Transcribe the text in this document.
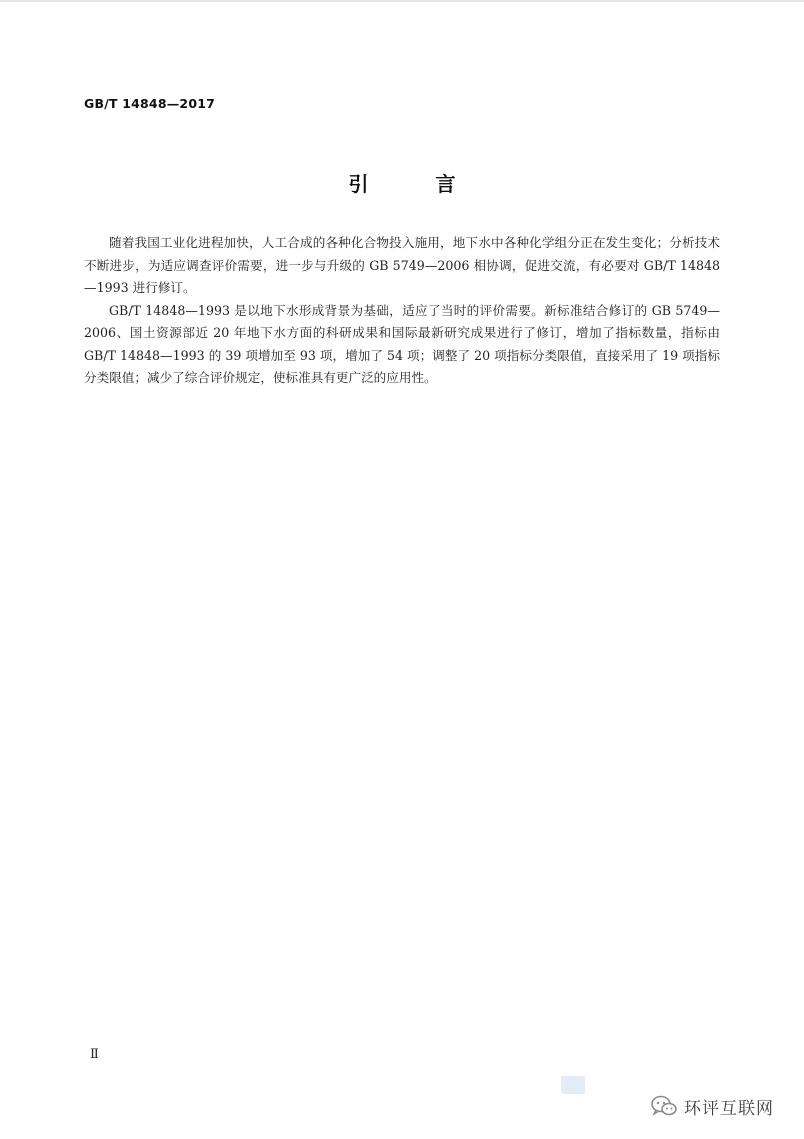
GB/T 14848—2017
引 言

随着我国工业化进程加快，人工合成的各种化合物投入施用，地下水中各种化学组分正在发生变化；分析技术不断进步，为适应调查评价需要，进一步与升级的 GB 5749—2006 相协调，促进交流，有必要对 GB/T 14848—1993 进行修订。

GB/T 14848—1993 是以地下水形成背景为基础，适应了当时的评价需要。新标准结合修订的 GB 5749—2006、国土资源部近 20 年地下水方面的科研成果和国际最新研究成果进行了修订，增加了指标数量，指标由 GB/T 14848—1993 的 39 项增加至 93 项，增加了 54 项；调整了 20 项指标分类限值，直接采用了 19 项指标分类限值；减少了综合评价规定，使标准具有更广泛的应用性。

Ⅱ
环评互联网
